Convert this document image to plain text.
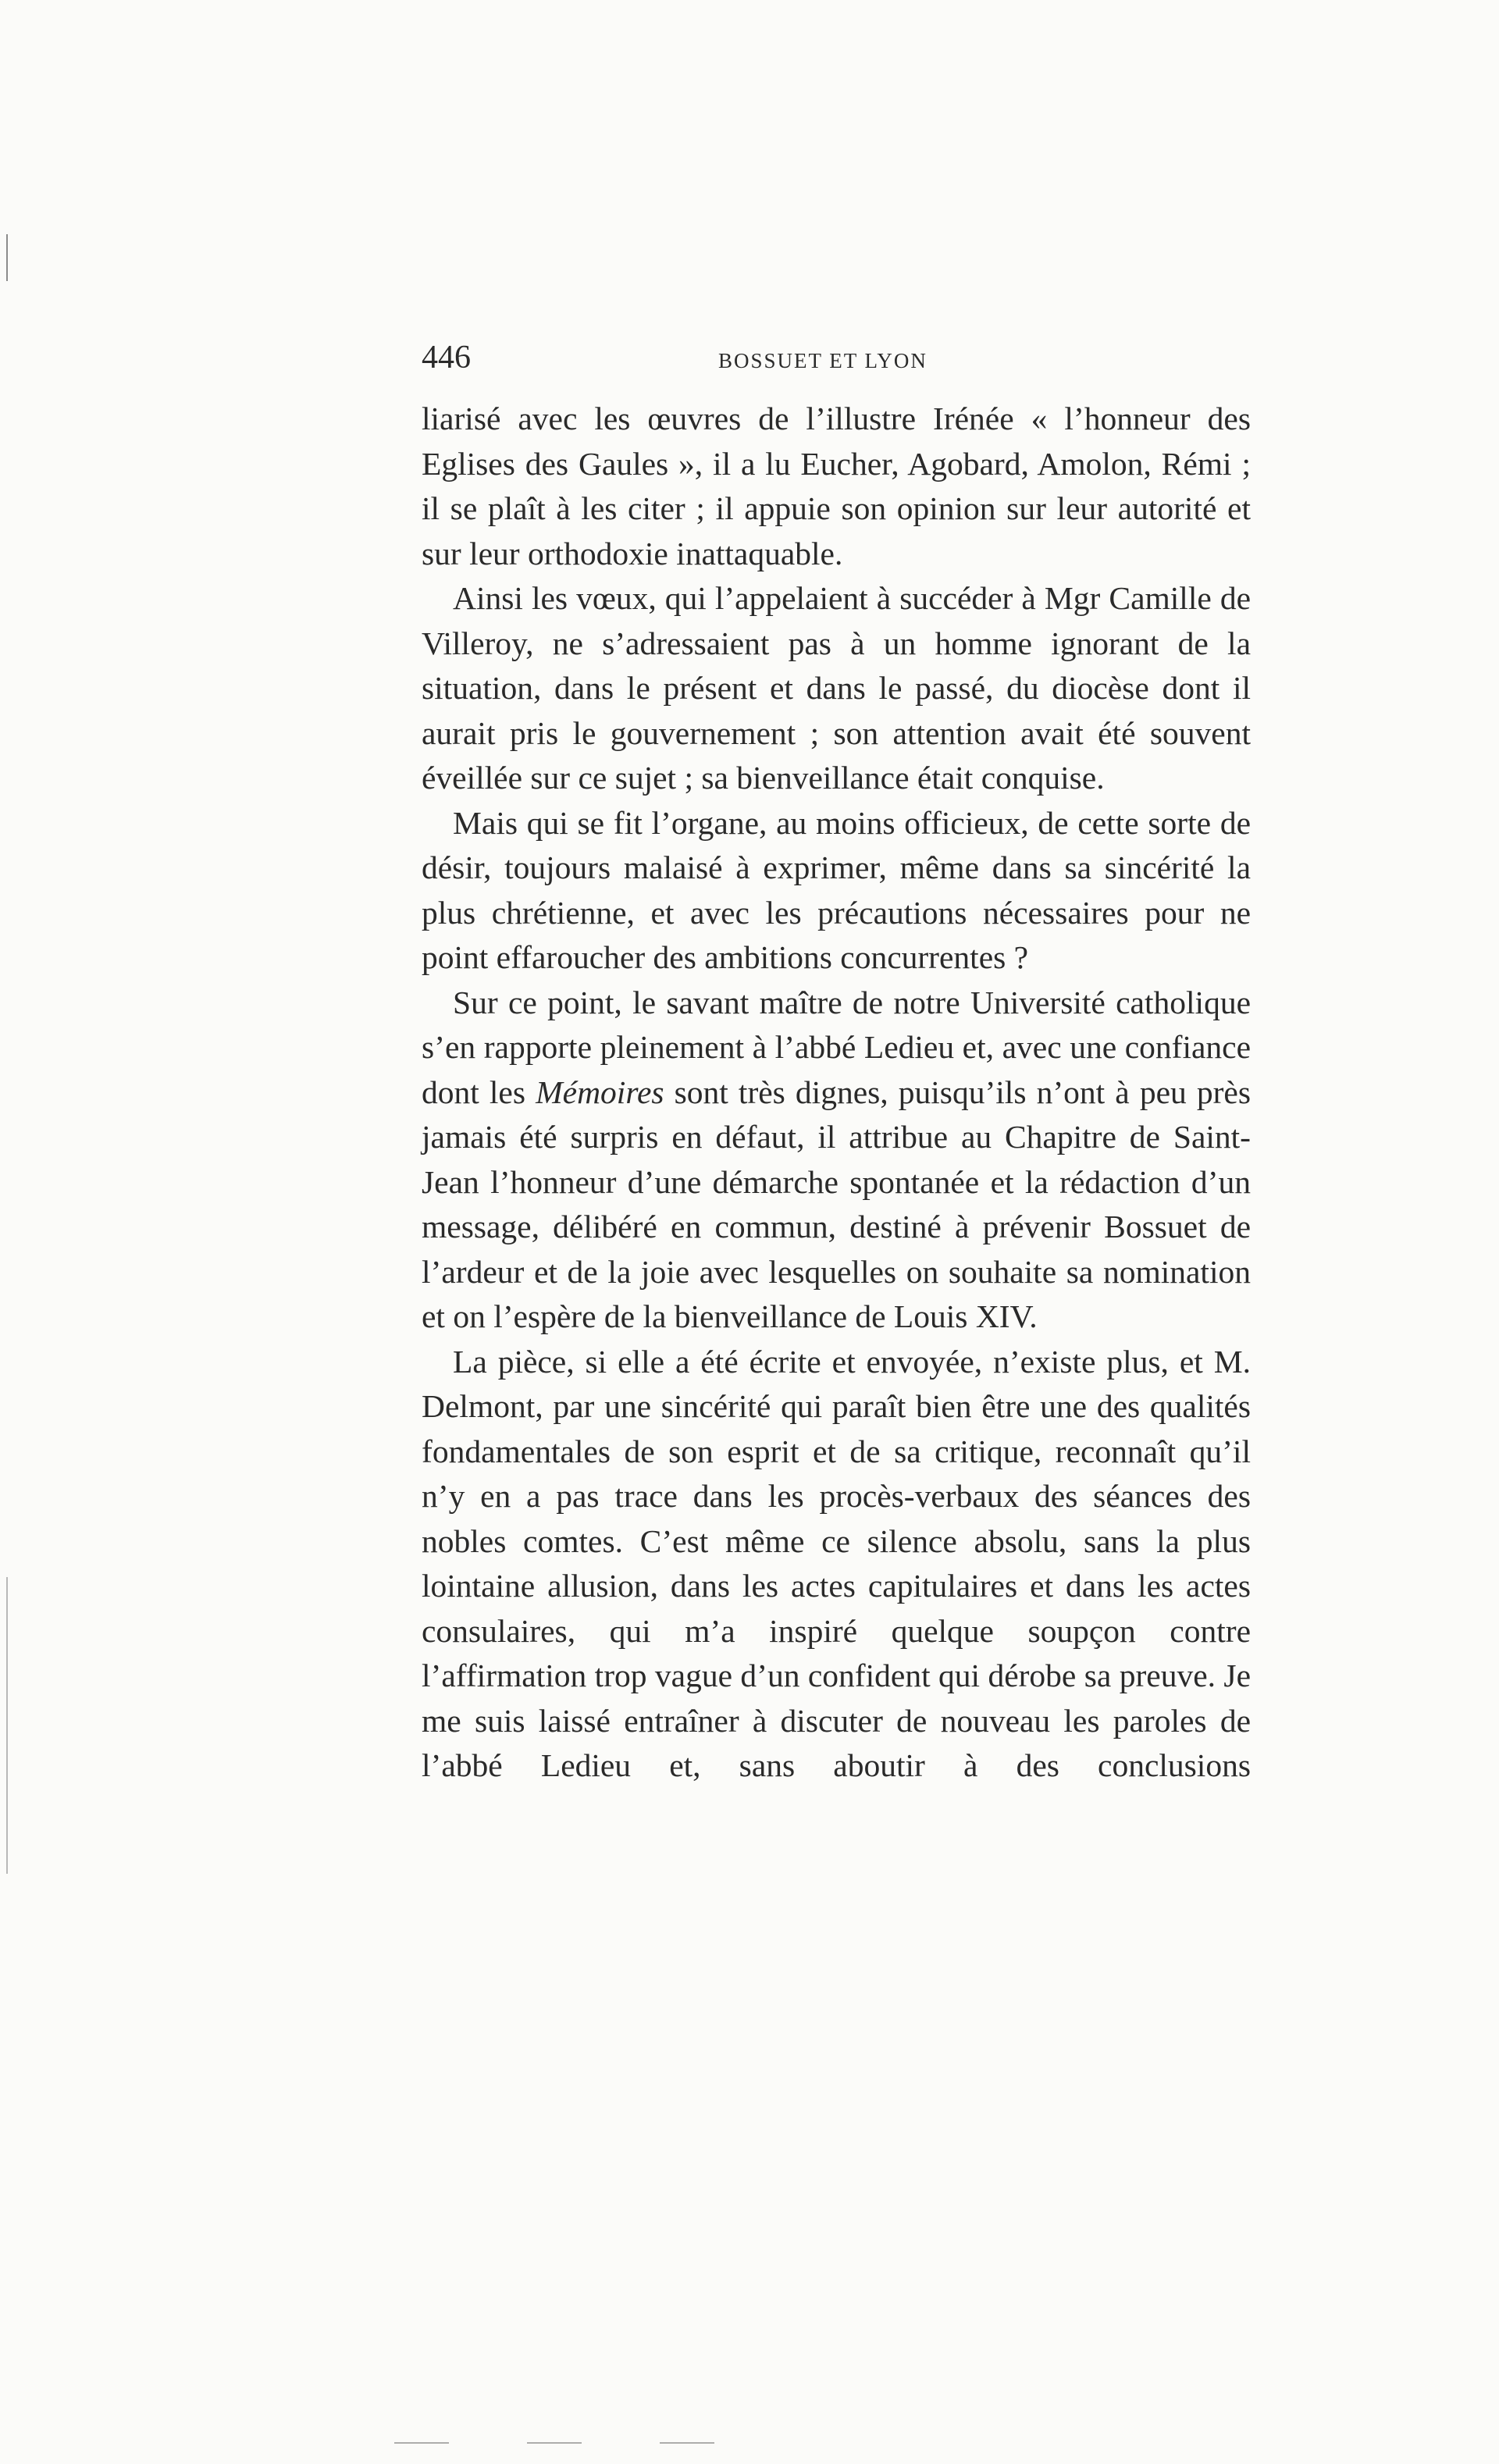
446	BOSSUET ET LYON

liarisé avec les œuvres de l’illustre Irénée « l’honneur des Eglises des Gaules », il a lu Eucher, Agobard, Amolon, Rémi ; il se plaît à les citer ; il appuie son opinion sur leur autorité et sur leur orthodoxie inattaquable.

Ainsi les vœux, qui l’appelaient à succéder à Mgr Camille de Villeroy, ne s’adressaient pas à un homme ignorant de la situation, dans le présent et dans le passé, du diocèse dont il aurait pris le gouvernement ; son attention avait été souvent éveillée sur ce sujet ; sa bienveillance était conquise.

Mais qui se fit l’organe, au moins officieux, de cette sorte de désir, toujours malaisé à exprimer, même dans sa sincérité la plus chrétienne, et avec les précautions nécessaires pour ne point effaroucher des ambitions concurrentes ?

Sur ce point, le savant maître de notre Université catholique s’en rapporte pleinement à l’abbé Ledieu et, avec une confiance dont les Mémoires sont très dignes, puisqu’ils n’ont à peu près jamais été surpris en défaut, il attribue au Chapitre de Saint-Jean l’honneur d’une démarche spontanée et la rédaction d’un message, délibéré en commun, destiné à prévenir Bossuet de l’ardeur et de la joie avec lesquelles on souhaite sa nomination et on l’espère de la bienveillance de Louis XIV.

La pièce, si elle a été écrite et envoyée, n’existe plus, et M. Delmont, par une sincérité qui paraît bien être une des qualités fondamentales de son esprit et de sa critique, reconnaît qu’il n’y en a pas trace dans les procès-verbaux des séances des nobles comtes. C’est même ce silence absolu, sans la plus lointaine allusion, dans les actes capitulaires et dans les actes consulaires, qui m’a inspiré quelque soupçon contre l’affirmation trop vague d’un confident qui dérobe sa preuve. Je me suis laissé entraîner à discuter de nouveau les paroles de l’abbé Ledieu et, sans aboutir à des conclusions
